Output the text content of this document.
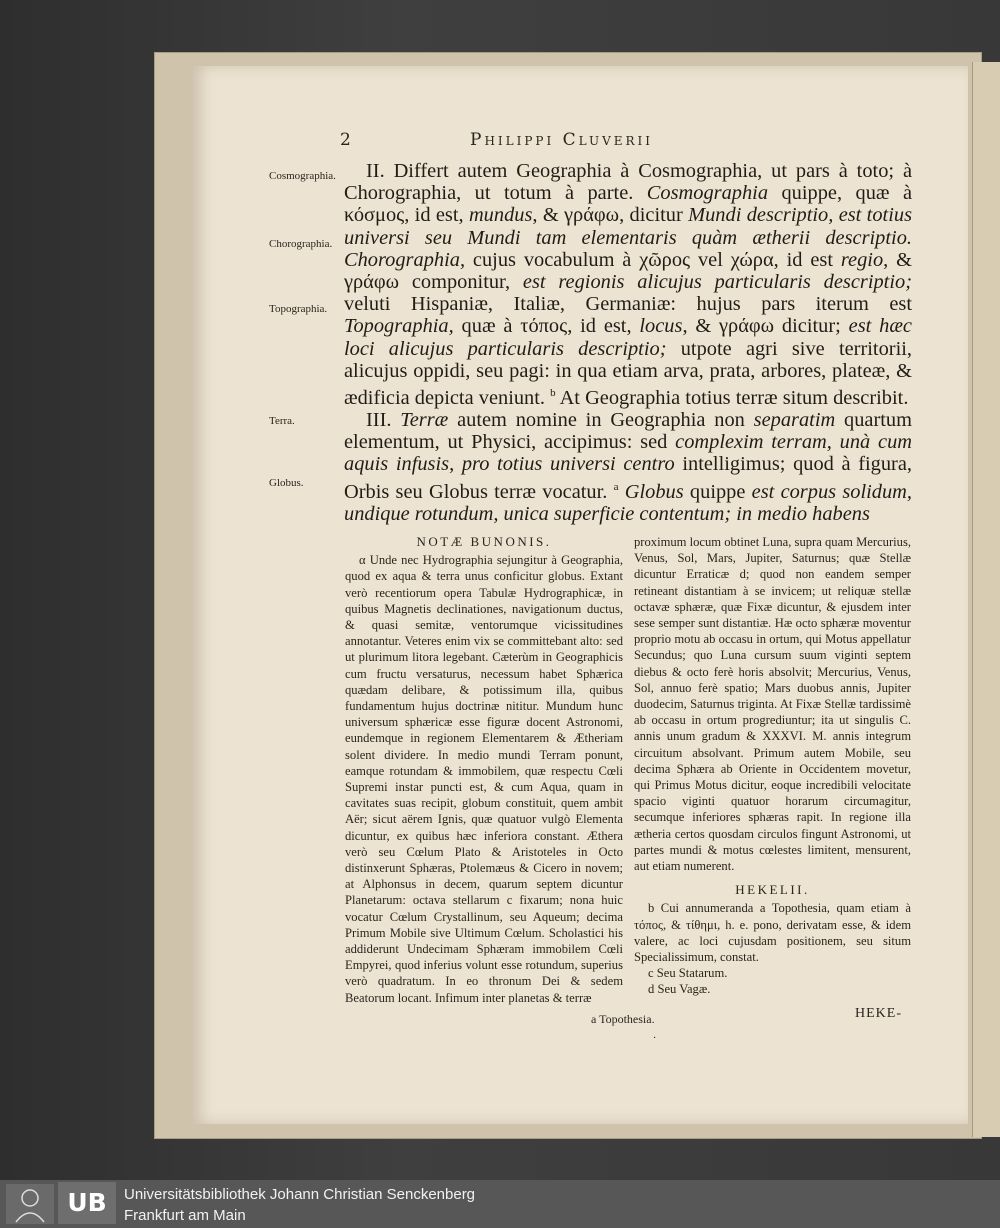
2	Philippi Cluverii
Cosmographia.
Chorographia.
Topographia.
Terra.
Globus.

II. Differt autem Geographia à Cosmographia, ut pars à toto; à Chorographia, ut totum à parte. Cosmographia quippe, quæ à κόσμος, id est, mundus, & γράφω, dicitur Mundi descriptio, est totius universi seu Mundi tam elementaris quàm ætherii descriptio. Chorographia, cujus vocabulum à χῶρος vel χώρα, id est regio, & γράφω componitur, est regionis alicujus particularis descriptio; veluti Hispaniæ, Italiæ, Germaniæ: hujus pars iterum est Topographia, quæ à τόπος, id est, locus, & γράφω dicitur; est hæc loci alicujus particularis descriptio; utpote agri sive territorii, alicujus oppidi, seu pagi: in qua etiam arva, prata, arbores, plateæ, & ædificia depicta veniunt. $^b$ At Geographia totius terræ situm describit.

III. Terræ autem nomine in Geographia non separatim quartum elementum, ut Physici, accipimus: sed complexim terram, unà cum aquis infusis, pro totius universi centro intelligimus; quod à figura, Orbis seu Globus terræ vocatur. $^a$ Globus quippe est corpus solidum, undique rotundum, unica superficie contentum; in medio habens

NOTÆ BUNONIS.

α Unde nec Hydrographia sejungitur à Geographia, quod ex aqua & terra unus conficitur globus. Extant verò recentiorum opera Tabulæ Hydrographicæ, in quibus Magnetis declinationes, navigationum ductus, & quasi semitæ, ventorumque vicissitudines annotantur. Veteres enim vix se committebant alto: sed ut plurimum litora legebant. Cæterùm in Geographicis cum fructu versaturus, necessum habet Sphærica quædam delibare, & potissimum illa, quibus fundamentum hujus doctrinæ nititur. Mundum hunc universum sphæricæ esse figuræ docent Astronomi, eundemque in regionem Elementarem & Ætheriam solent dividere. In medio mundi Terram ponunt, eamque rotundam & immobilem, quæ respectu Cœli Supremi instar puncti est, & cum Aqua, quam in cavitates suas recipit, globum constituit, quem ambit Aër; sicut aërem Ignis, quæ quatuor vulgò Elementa dicuntur, ex quibus hæc inferiora constant. Æthera verò seu Cœlum Plato & Aristoteles in Octo distinxerunt Sphæras, Ptolemæus & Cicero in novem; at Alphonsus in decem, quarum septem dicuntur Planetarum: octava stellarum c fixarum; nona huic vocatur Cœlum Crystallinum, seu Aqueum; decima Primum Mobile sive Ultimum Cœlum. Scholastici his addiderunt Undecimam Sphæram immobilem Cœli Empyrei, quod inferius volunt esse rotundum, superius verò quadratum. In eo thronum Dei & sedem Beatorum locant. Infimum inter planetas & terræ

proximum locum obtinet Luna, supra quam Mercurius, Venus, Sol, Mars, Jupiter, Saturnus; quæ Stellæ dicuntur Erraticæ d; quod non eandem semper retineant distantiam à se invicem; ut reliquæ stellæ octavæ sphæræ, quæ Fixæ dicuntur, & ejusdem inter sese semper sunt distantiæ. Hæ octo sphæræ moventur proprio motu ab occasu in ortum, qui Motus appellatur Secundus; quo Luna cursum suum viginti septem diebus & octo ferè horis absolvit; Mercurius, Venus, Sol, annuo ferè spatio; Mars duobus annis, Jupiter duodecim, Saturnus triginta. At Fixæ Stellæ tardissimè ab occasu in ortum progrediuntur; ita ut singulis C. annis unum gradum & XXXVI. M. annis integrum circuitum absolvant. Primum autem Mobile, seu decima Sphæra ab Oriente in Occidentem movetur, qui Primus Motus dicitur, eoque incredibili velocitate spacio viginti quatuor horarum circumagitur, secumque inferiores sphæras rapit. In regione illa ætheria certos quosdam circulos fingunt Astronomi, ut partes mundi & motus cœlestes limitent, mensurent, aut etiam numerent.

HEKELII.

b Cui annumeranda a Topothesia, quam etiam à τόπος, & τίθημι, h. e. pono, derivatam esse, & idem valere, ac loci cujusdam positionem, seu situm Specialissimum, constat.

c Seu Statarum.

d Seu Vagæ.

a Topothesia.	HEKE-
·
UB	Universitätsbibliothek Johann Christian Senckenberg
Frankfurt am Main
